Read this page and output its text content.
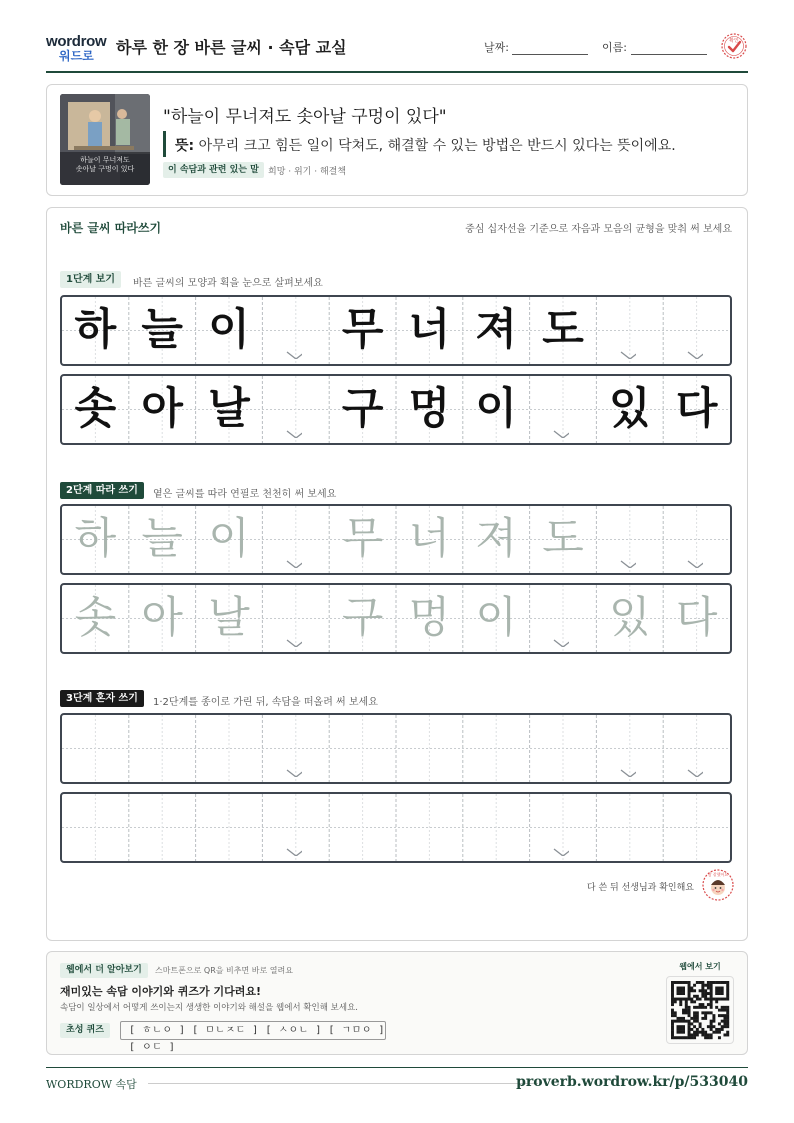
wordrow
워드로 하루 한 장 바른 글씨 · 속담 교실	날짜:	이름:	확인
하늘이 무너져도
솟아날 구멍이 있다
"하늘이 무너져도 솟아날 구멍이 있다"
뜻: 아무리 크고 힘든 일이 닥쳐도, 해결할 수 있는 방법은 반드시 있다는 뜻이에요.
이 속담과 관련 있는 말	희망 · 위기 · 해결책
바른 글씨 따라쓰기	중심 십자선을 기준으로 자음과 모음의 균형을 맞춰 써 보세요
1단계 보기	바른 글씨의 모양과 획을 눈으로 살펴보세요
하 늘 이 무 너 져 도
솟 아 날 구 멍 이 있 다
2단계 따라 쓰기	옅은 글씨를 따라 연필로 천천히 써 보세요
하 늘 이 무 너 져 도
솟 아 날 구 멍 이 있 다
3단계 혼자 쓰기	1·2단계를 종이로 가린 뒤, 속담을 떠올려 써 보세요
다 쓴 뒤 선생님과 확인해요
참 잘했어요
웹에서 더 알아보기	스마트폰으로 QR을 비추면 바로 열려요
재미있는 속담 이야기와 퀴즈가 기다려요!
속담이 일상에서 어떻게 쓰이는지 생생한 이야기와 해설을 웹에서 확인해 보세요.
초성 퀴즈	[ ㅎㄴㅇ ] [ ㅁㄴㅈㄷ ] [ ㅅㅇㄴ ] [ ㄱㅁㅇ ] [ ㅇㄷ ]
웹에서 보기
WORDROW 속담	proverb.wordrow.kr/p/533040
